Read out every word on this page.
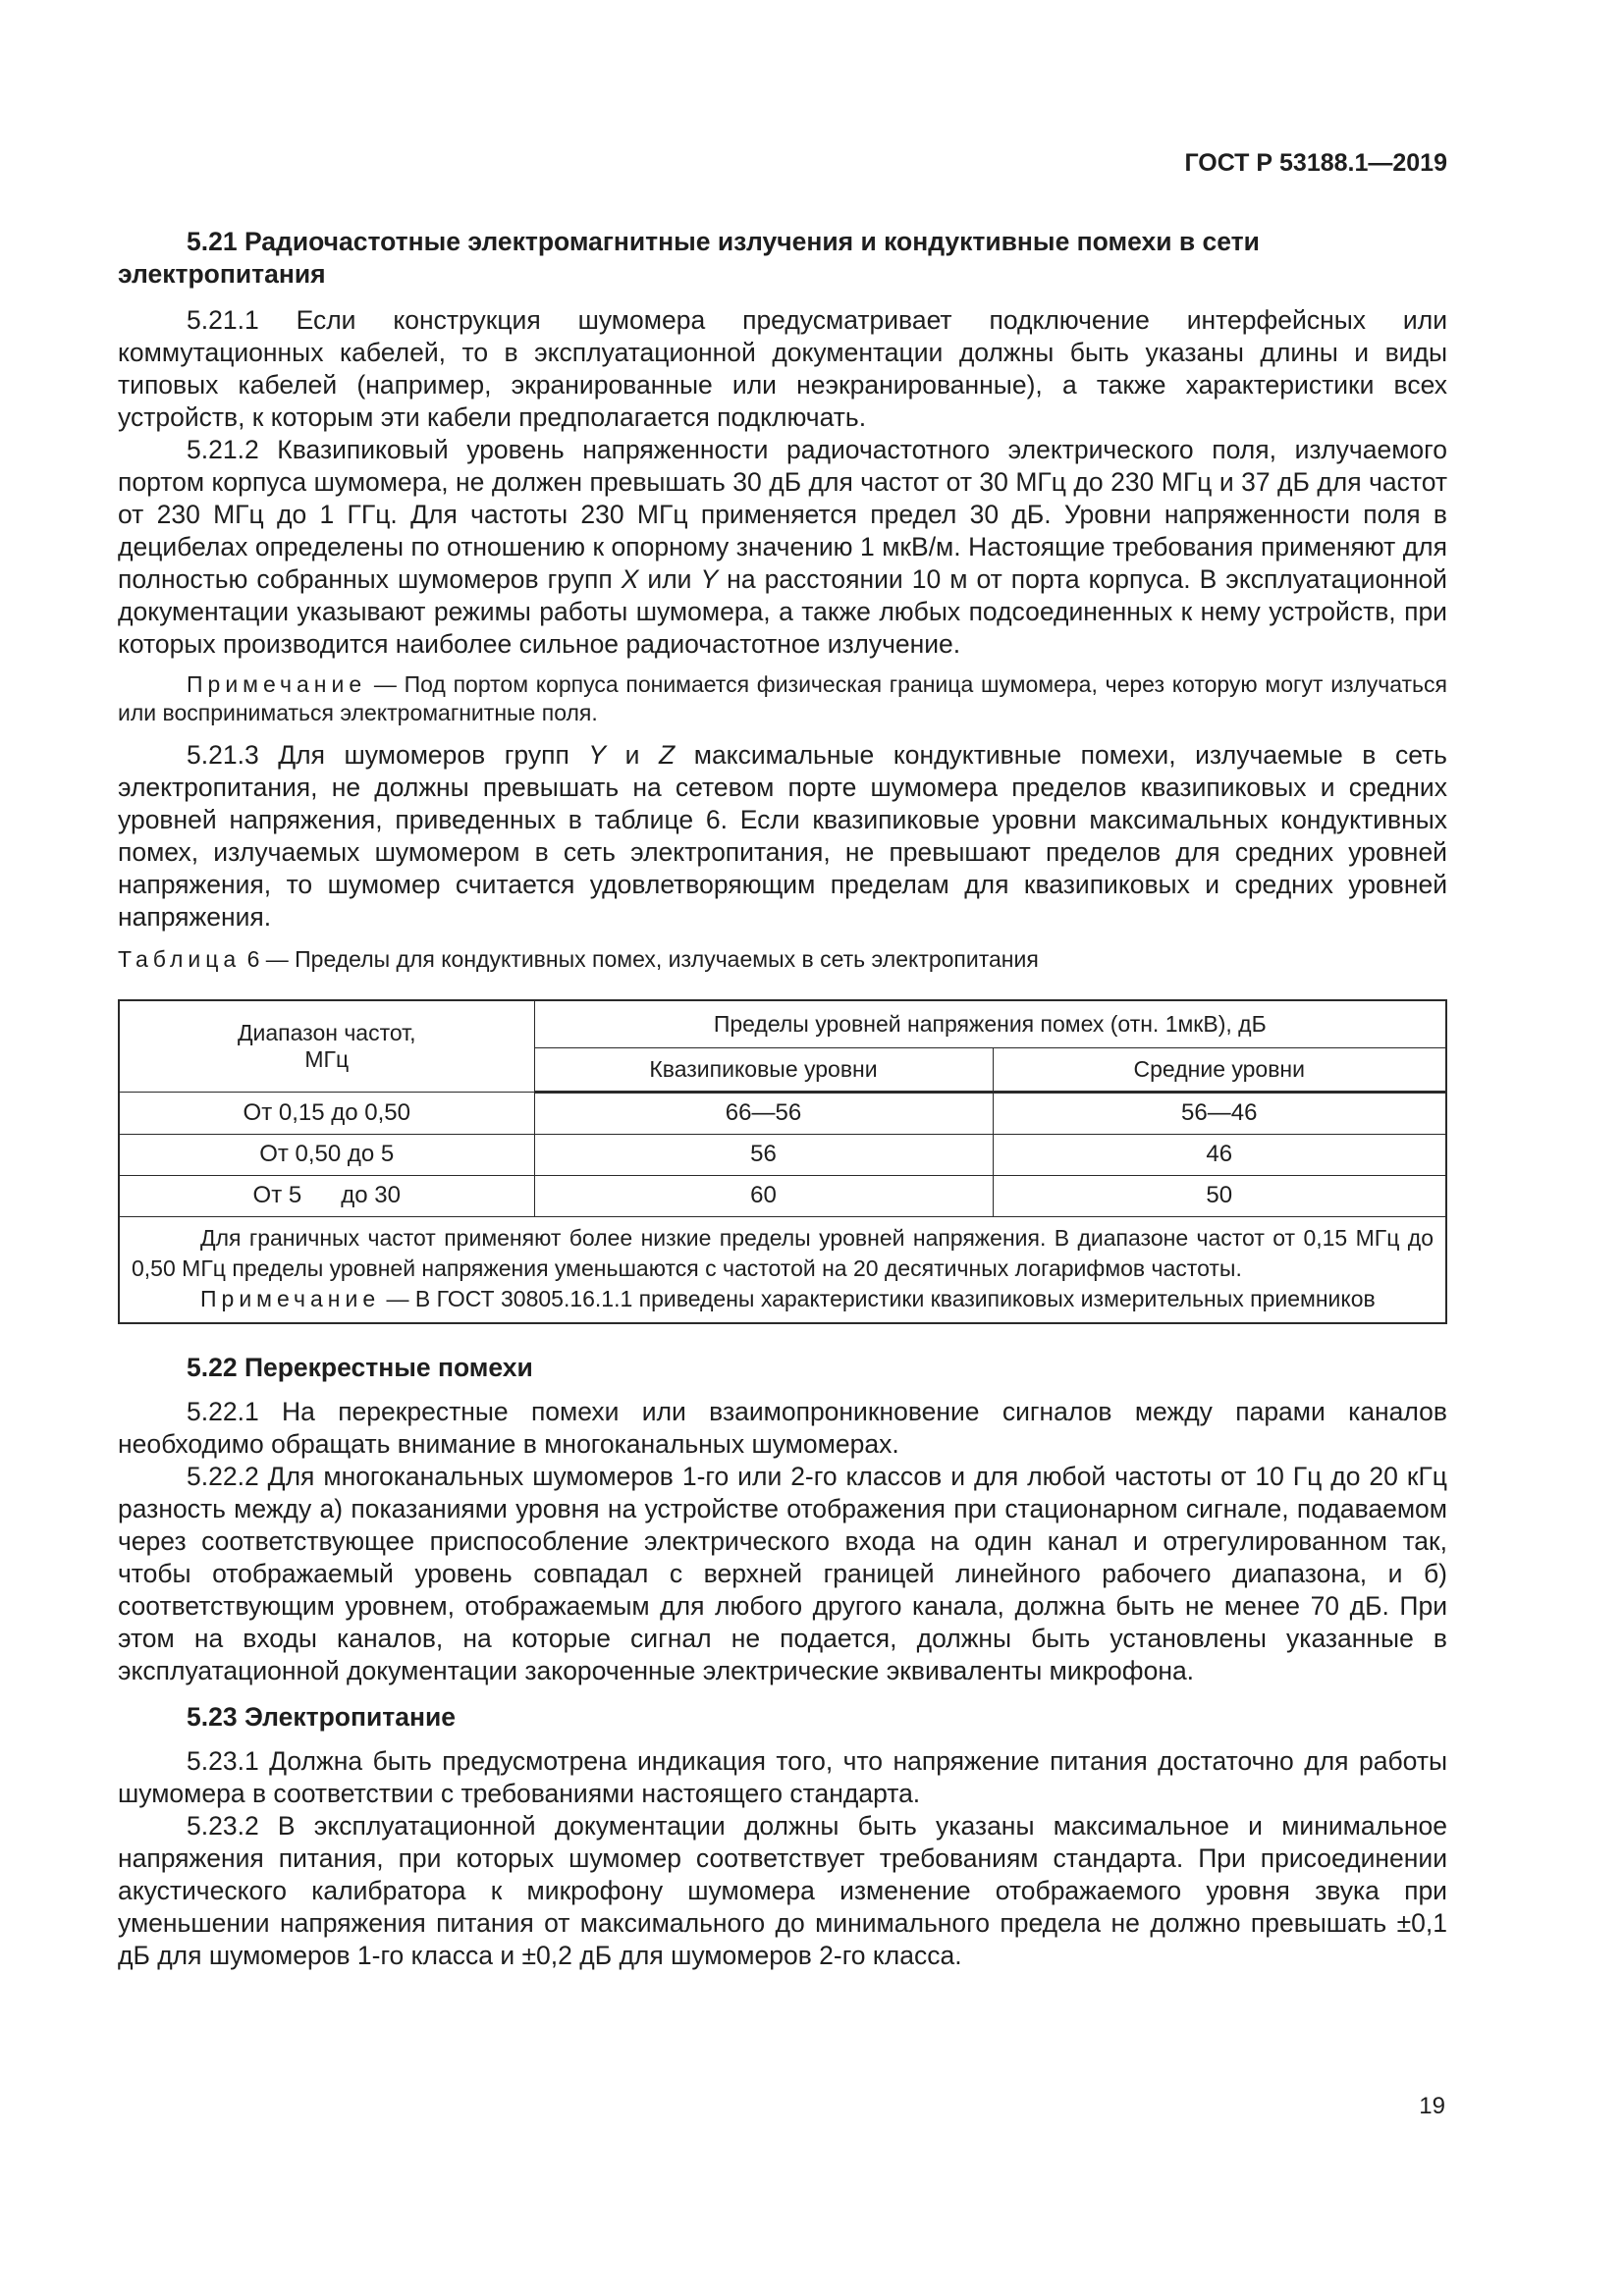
ГОСТ Р 53188.1—2019
5.21 Радиочастотные электромагнитные излучения и кондуктивные помехи в сети электропитания

5.21.1 Если конструкция шумомера предусматривает подключение интерфейсных или коммутационных кабелей, то в эксплуатационной документации должны быть указаны длины и виды типовых кабелей (например, экранированные или неэкранированные), а также характеристики всех устройств, к которым эти кабели предполагается подключать.

5.21.2 Квазипиковый уровень напряженности радиочастотного электрического поля, излучаемого портом корпуса шумомера, не должен превышать 30 дБ для частот от 30 МГц до 230 МГц и 37 дБ для частот от 230 МГц до 1 ГГц. Для частоты 230 МГц применяется предел 30 дБ. Уровни напряженности поля в децибелах определены по отношению к опорному значению 1 мкВ/м. Настоящие требования применяют для полностью собранных шумомеров групп X или Y на расстоянии 10 м от порта корпуса. В эксплуатационной документации указывают режимы работы шумомера, а также любых подсоединенных к нему устройств, при которых производится наиболее сильное радиочастотное излучение.

Примечание — Под портом корпуса понимается физическая граница шумомера, через которую могут излучаться или восприниматься электромагнитные поля.

5.21.3 Для шумомеров групп Y и Z максимальные кондуктивные помехи, излучаемые в сеть электропитания, не должны превышать на сетевом порте шумомера пределов квазипиковых и средних уровней напряжения, приведенных в таблице 6. Если квазипиковые уровни максимальных кондуктивных помех, излучаемых шумомером в сеть электропитания, не превышают пределов для средних уровней напряжения, то шумомер считается удовлетворяющим пределам для квазипиковых и средних уровней напряжения.

Таблица 6 — Пределы для кондуктивных помех, излучаемых в сеть электропитания
Диапазон частот,
МГц	Пределы уровней напряжения помех (отн. 1мкВ), дБ	
	Квазипиковые уровни	Средние уровни
От 0,15 до 0,50	66—56	56—46
От 0,50 до 5	56	46
От 5      до 30	60	50

Для граничных частот применяют более низкие пределы уровней напряжения. В диапазоне частот от 0,15 МГц до 0,50 МГц пределы уровней напряжения уменьшаются с частотой на 20 десятичных логарифмов частоты.

Примечание — В ГОСТ 30805.16.1.1 приведены характеристики квазипиковых измерительных приемников		

5.22 Перекрестные помехи

5.22.1 На перекрестные помехи или взаимопроникновение сигналов между парами каналов необходимо обращать внимание в многоканальных шумомерах.

5.22.2 Для многоканальных шумомеров 1-го или 2-го классов и для любой частоты от 10 Гц до 20 кГц разность между а) показаниями уровня на устройстве отображения при стационарном сигнале, подаваемом через соответствующее приспособление электрического входа на один канал и отрегулированном так, чтобы отображаемый уровень совпадал с верхней границей линейного рабочего диапазона, и б) соответствующим уровнем, отображаемым для любого другого канала, должна быть не менее 70 дБ. При этом на входы каналов, на которые сигнал не подается, должны быть установлены указанные в эксплуатационной документации закороченные электрические эквиваленты микрофона.

5.23 Электропитание

5.23.1 Должна быть предусмотрена индикация того, что напряжение питания достаточно для работы шумомера в соответствии с требованиями настоящего стандарта.

5.23.2 В эксплуатационной документации должны быть указаны максимальное и минимальное напряжения питания, при которых шумомер соответствует требованиям стандарта. При присоединении акустического калибратора к микрофону шумомера изменение отображаемого уровня звука при уменьшении напряжения питания от максимального до минимального предела не должно превышать ±0,1 дБ для шумомеров 1-го класса и ±0,2 дБ для шумомеров 2-го класса.

19
